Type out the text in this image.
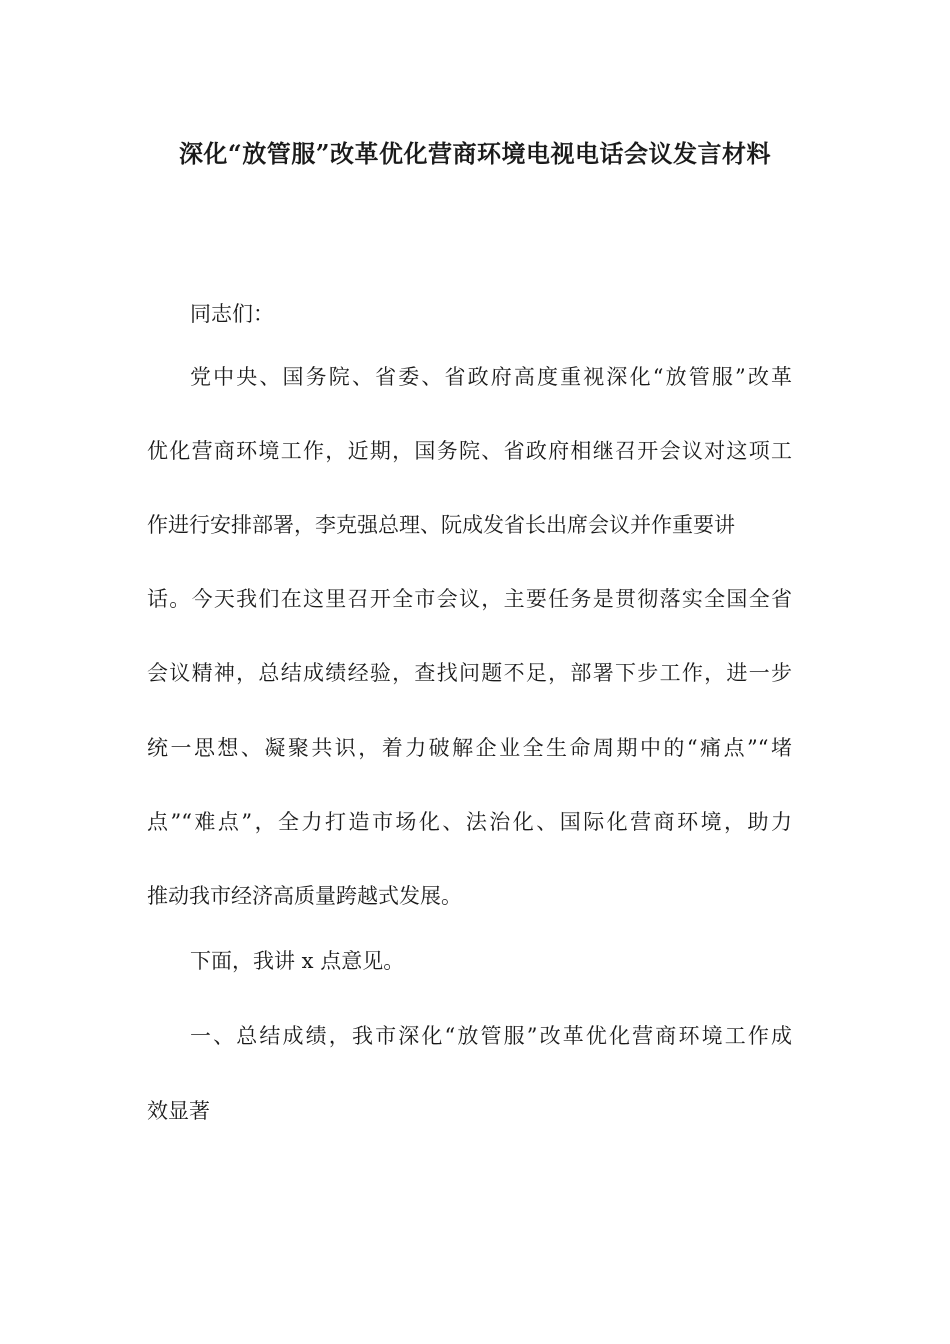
深化“放管服”改革优化营商环境电视电话会议发言材料

同志们：

党中央、国务院、省委、省政府高度重视深化“放管服”改革

优化营商环境工作，近期，国务院、省政府相继召开会议对这项工

作进行安排部署，李克强总理、阮成发省长出席会议并作重要讲

话。今天我们在这里召开全市会议，主要任务是贯彻落实全国全省

会议精神，总结成绩经验，查找问题不足，部署下步工作，进一步

统一思想、凝聚共识，着力破解企业全生命周期中的“痛点”“堵

点”“难点”，全力打造市场化、法治化、国际化营商环境，助力

推动我市经济高质量跨越式发展。

下面，我讲 x 点意见。

一、总结成绩，我市深化“放管服”改革优化营商环境工作成

效显著
